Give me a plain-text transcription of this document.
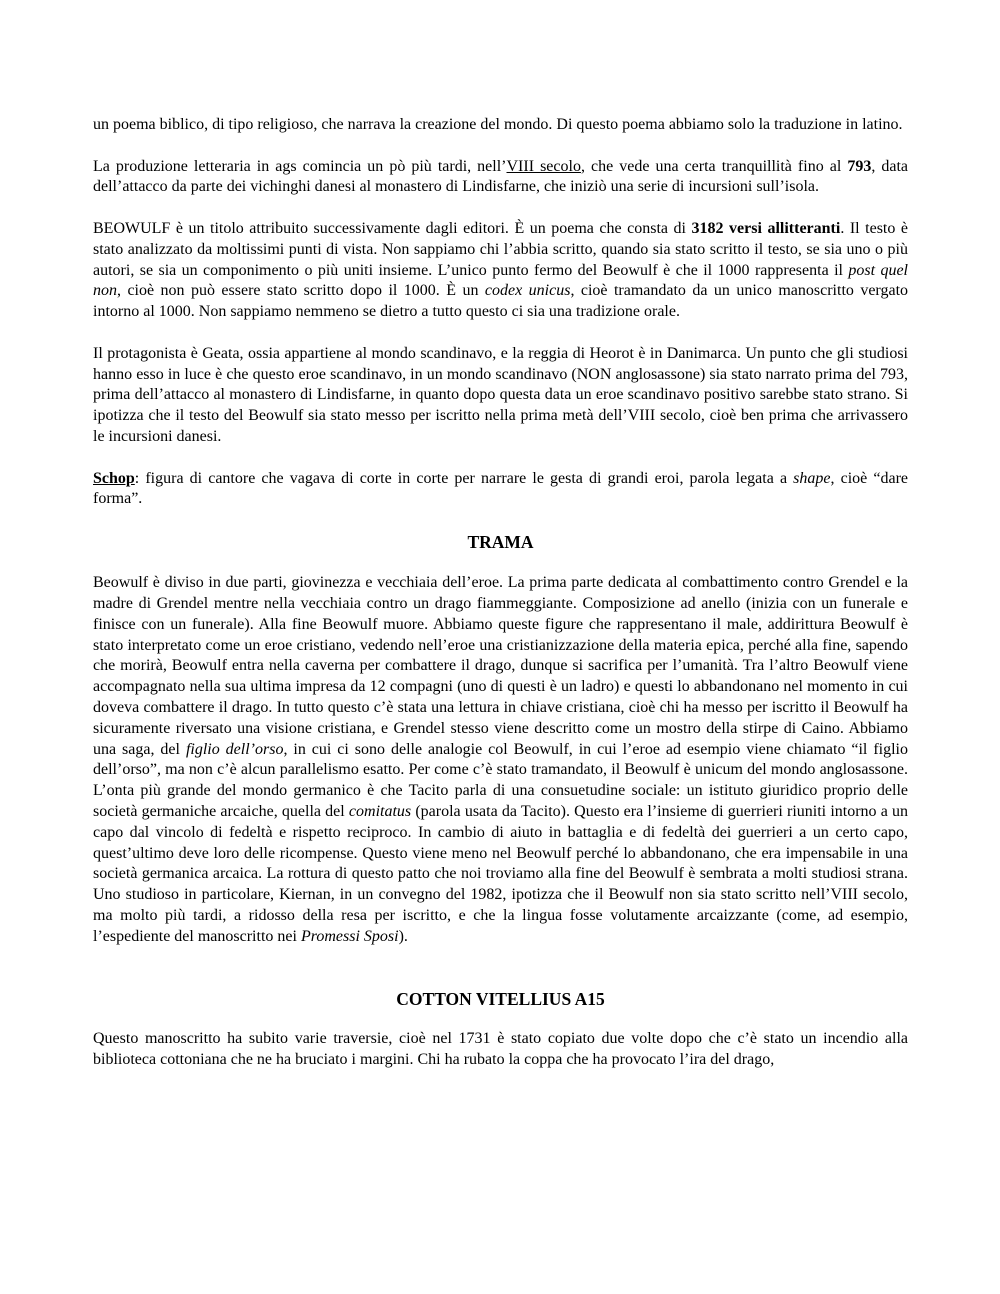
un poema biblico, di tipo religioso, che narrava la creazione del mondo. Di questo poema abbiamo solo la traduzione in latino.

La produzione letteraria in ags comincia un pò più tardi, nell’VIII secolo, che vede una certa tranquillità fino al 793, data dell’attacco da parte dei vichinghi danesi al monastero di Lindisfarne, che iniziò una serie di incursioni sull’isola.

BEOWULF è un titolo attribuito successivamente dagli editori. È un poema che consta di 3182 versi allitteranti. Il testo è stato analizzato da moltissimi punti di vista. Non sappiamo chi l’abbia scritto, quando sia stato scritto il testo, se sia uno o più autori, se sia un componimento o più uniti insieme. L’unico punto fermo del Beowulf è che il 1000 rappresenta il post quel non, cioè non può essere stato scritto dopo il 1000. È un codex unicus, cioè tramandato da un unico manoscritto vergato intorno al 1000. Non sappiamo nemmeno se dietro a tutto questo ci sia una tradizione orale.

Il protagonista è Geata, ossia appartiene al mondo scandinavo, e la reggia di Heorot è in Danimarca. Un punto che gli studiosi hanno esso in luce è che questo eroe scandinavo, in un mondo scandinavo (NON anglosassone) sia stato narrato prima del 793, prima dell’attacco al monastero di Lindisfarne, in quanto dopo questa data un eroe scandinavo positivo sarebbe stato strano. Si ipotizza che il testo del Beowulf sia stato messo per iscritto nella prima metà dell’VIII secolo, cioè ben prima che arrivassero le incursioni danesi.

Schop: figura di cantore che vagava di corte in corte per narrare le gesta di grandi eroi, parola legata a shape, cioè “dare forma”.

TRAMA

Beowulf è diviso in due parti, giovinezza e vecchiaia dell’eroe. La prima parte dedicata al combattimento contro Grendel e la madre di Grendel mentre nella vecchiaia contro un drago fiammeggiante. Composizione ad anello (inizia con un funerale e finisce con un funerale). Alla fine Beowulf muore. Abbiamo queste figure che rappresentano il male, addirittura Beowulf è stato interpretato come un eroe cristiano, vedendo nell’eroe una cristianizzazione della materia epica, perché alla fine, sapendo che morirà, Beowulf entra nella caverna per combattere il drago, dunque si sacrifica per l’umanità. Tra l’altro Beowulf viene accompagnato nella sua ultima impresa da 12 compagni (uno di questi è un ladro) e questi lo abbandonano nel momento in cui doveva combattere il drago. In tutto questo c’è stata una lettura in chiave cristiana, cioè chi ha messo per iscritto il Beowulf ha sicuramente riversato una visione cristiana, e Grendel stesso viene descritto come un mostro della stirpe di Caino. Abbiamo una saga, del figlio dell’orso, in cui ci sono delle analogie col Beowulf, in cui l’eroe ad esempio viene chiamato “il figlio dell’orso”, ma non c’è alcun parallelismo esatto. Per come c’è stato tramandato, il Beowulf è unicum del mondo anglosassone. L’onta più grande del mondo germanico è che Tacito parla di una consuetudine sociale: un istituto giuridico proprio delle società germaniche arcaiche, quella del comitatus (parola usata da Tacito). Questo era l’insieme di guerrieri riuniti intorno a un capo dal vincolo di fedeltà e rispetto reciproco. In cambio di aiuto in battaglia e di fedeltà dei guerrieri a un certo capo, quest’ultimo deve loro delle ricompense. Questo viene meno nel Beowulf perché lo abbandonano, che era impensabile in una società germanica arcaica. La rottura di questo patto che noi troviamo alla fine del Beowulf è sembrata a molti studiosi strana. Uno studioso in particolare, Kiernan, in un convegno del 1982, ipotizza che il Beowulf non sia stato scritto nell’VIII secolo, ma molto più tardi, a ridosso della resa per iscritto, e che la lingua fosse volutamente arcaizzante (come, ad esempio, l’espediente del manoscritto nei Promessi Sposi).

COTTON VITELLIUS A15

Questo manoscritto ha subito varie traversie, cioè nel 1731 è stato copiato due volte dopo che c’è stato un incendio alla biblioteca cottoniana che ne ha bruciato i margini. Chi ha rubato la coppa che ha provocato l’ira del drago,
